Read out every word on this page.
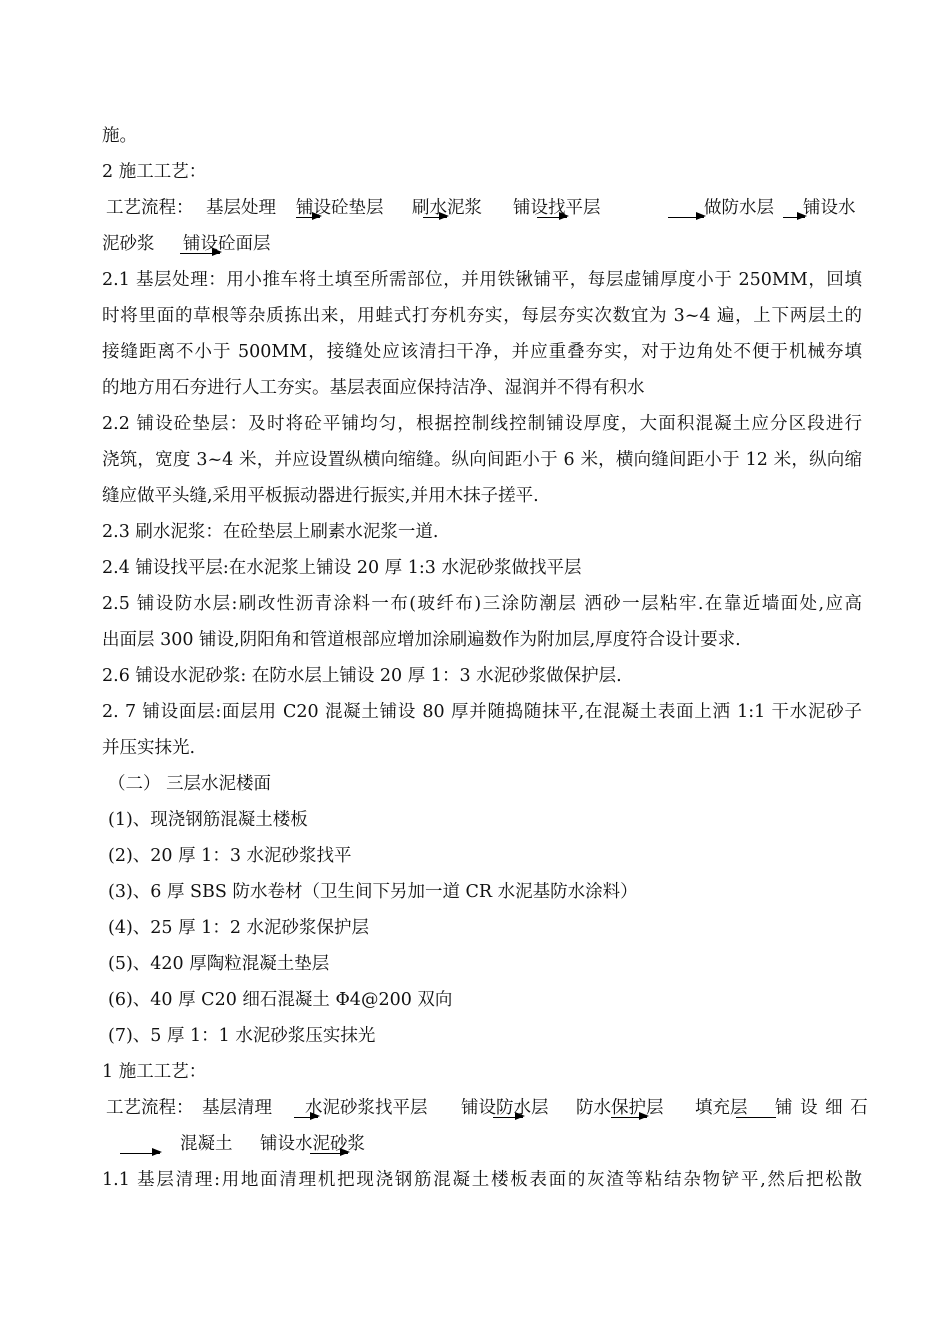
施。
2 施工工艺：
工艺流程： 基层处理 铺设砼垫层 刷水泥浆 铺设找平层	做防水层 铺设水
泥砂浆 铺设砼面层
2.1 基层处理：用小推车将土填至所需部位，并用铁锹铺平，每层虚铺厚度小于 250MM，回填
时将里面的草根等杂质拣出来，用蛙式打夯机夯实，每层夯实次数宜为 3~4 遍，上下两层土的
接缝距离不小于 500MM，接缝处应该清扫干净，并应重叠夯实，对于边角处不便于机械夯填
的地方用石夯进行人工夯实。基层表面应保持洁净、湿润并不得有积水
2.2 铺设砼垫层：及时将砼平铺均匀，根据控制线控制铺设厚度，大面积混凝土应分区段进行
浇筑，宽度 3~4 米，并应设置纵横向缩缝。纵向间距小于 6 米，横向缝间距小于 12 米，纵向缩
缝应做平头缝,采用平板振动器进行振实,并用木抹子搓平.
2.3 刷水泥浆：在砼垫层上刷素水泥浆一道.
2.4 铺设找平层:在水泥浆上铺设 20 厚 1:3 水泥砂浆做找平层
2.5 铺设防水层:刷改性沥青涂料一布(玻纤布)三涂防潮层 洒砂一层粘牢.在靠近墙面处,应高
出面层 300 铺设,阴阳角和管道根部应增加涂刷遍数作为附加层,厚度符合设计要求.
2.6 铺设水泥砂浆: 在防水层上铺设 20 厚 1：3 水泥砂浆做保护层.
2. 7 铺设面层:面层用 C20 混凝土铺设 80 厚并随捣随抹平,在混凝土表面上洒 1:1 干水泥砂子
并压实抹光.
（二） 三层水泥楼面
(1)、现浇钢筋混凝土楼板
(2)、20 厚 1：3 水泥砂浆找平
(3)、6 厚 SBS 防水卷材（卫生间下另加一道 CR 水泥基防水涂料）
(4)、25 厚 1：2 水泥砂浆保护层
(5)、420 厚陶粒混凝土垫层
(6)、40 厚 C20 细石混凝土 Φ4@200 双向
(7)、5 厚 1：1 水泥砂浆压实抹光
1 施工工艺：
工艺流程： 基层清理 水泥砂浆找平层 铺设防水层 防水保护层 填充层 铺 设 细 石
混凝土 铺设水泥砂浆
1.1 基层清理:用地面清理机把现浇钢筋混凝土楼板表面的灰渣等粘结杂物铲平,然后把松散
